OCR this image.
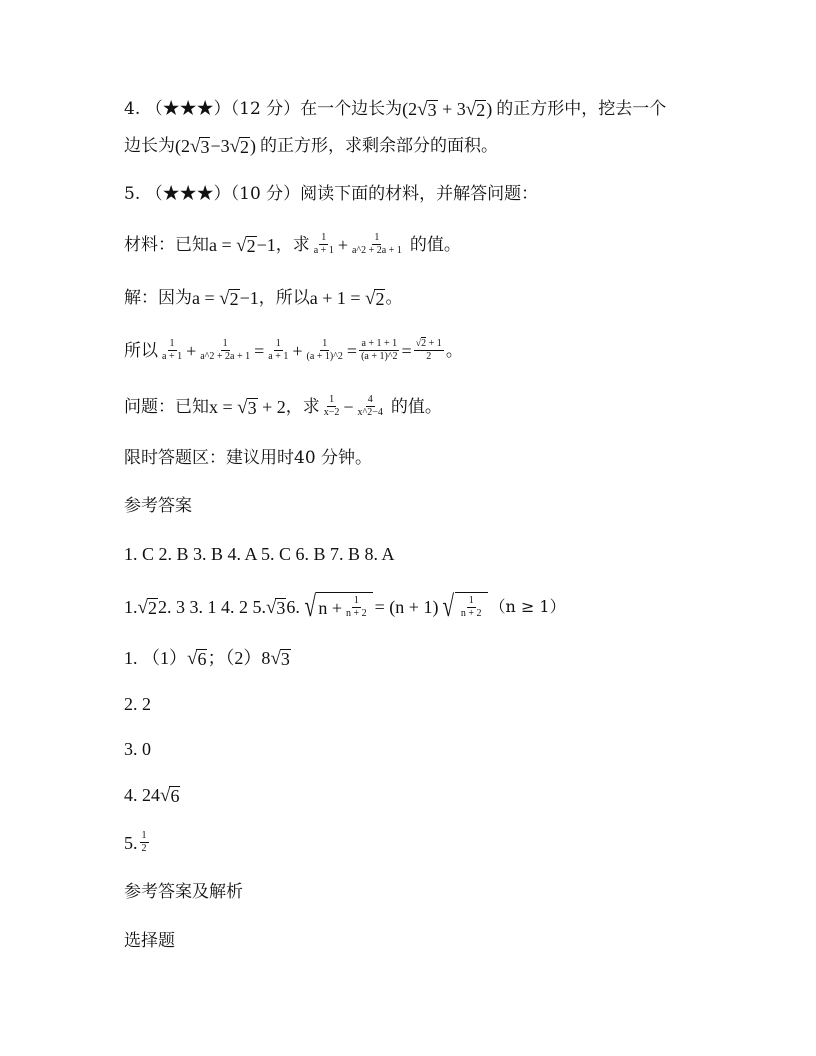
4. （★★★）（12 分）在一个边长为 (2 √ 3 + 3 √ 2 ) 的正方形中，挖去一个
边长为 (2 √ 3 −3 √ 2 ) 的正方形，求剩余部分的面积。
5. （★★★）（10 分）阅读下面的材料，并解答问题：
材料：已知 a = √ 2 −1 ，求 $\frac{1}{a + 1} + \frac{1}{a\^{}2 + 2a + 1}$ 的值。
解：因为 a = √ 2 −1 ，所以 a + 1 = √ 2 。
所以 $\frac{1}{a + 1} + \frac{1}{a\^{}2 + 2a + 1} = \frac{1}{a + 1} + \frac{1}{(a + 1)\^{}2} = \frac{a + 1 + 1}{(a + 1)\^{}2} = \frac{√2 + 1}{2}$ 。
问题：已知 x = √ 3 + 2 ，求 $\frac{1}{x-2} - \frac{4}{x\^{}2-4}$ 的值。
限时答题区：建议用时40 分钟。
参考答案
1. C 2. B 3. B 4. A 5. C 6. B 7. B 8. A
1. √ 2 2. 3 3. 1 4. 2 5. √ 3 6. √ $n + \frac{1}{n + 2} = (n + 1)$ √ $\frac{1}{n + 2} (n \ge 1)$
1. （1） √ 6 ；（2）8 √ 3
2. 2
3. 0
4. 24 √ 6
5. $\frac{1}{2}$
参考答案及解析
选择题
